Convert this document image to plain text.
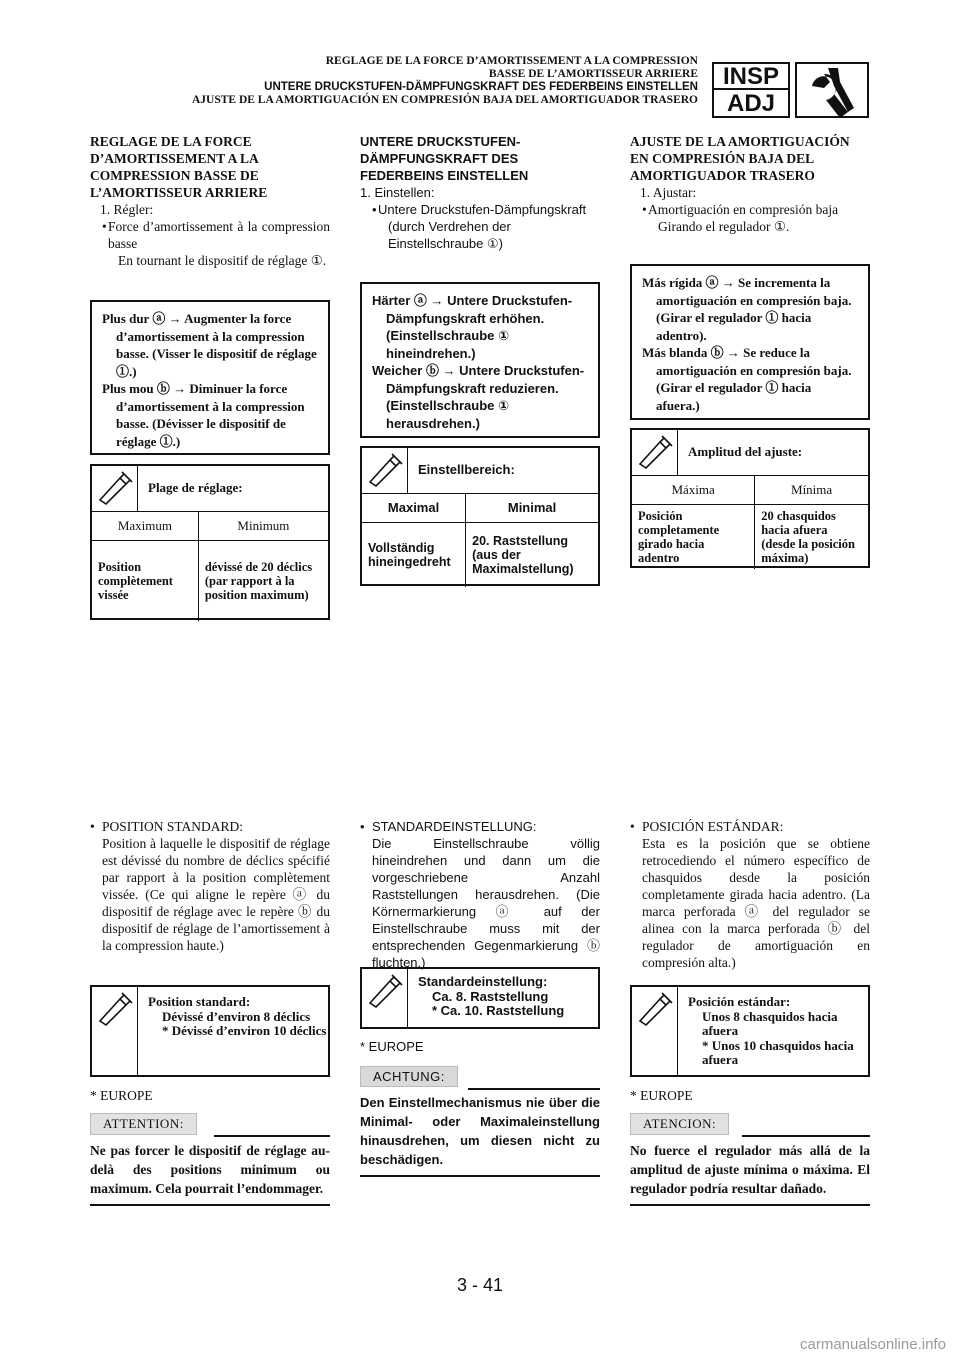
REGLAGE DE LA FORCE D’AMORTISSEMENT A LA COMPRESSION
BASSE DE L’AMORTISSEUR ARRIERE
UNTERE DRUCKSTUFEN-DÄMPFUNGSKRAFT DES FEDERBEINS EINSTELLEN
AJUSTE DE LA AMORTIGUACIÓN EN COMPRESIÓN BAJA DEL AMORTIGUADOR TRASERO
INSP
ADJ

REGLAGE DE LA FORCE

D’AMORTISSEMENT A LA

COMPRESSION BASSE DE

L’AMORTISSEUR ARRIERE

1. Régler:

• Force d’amortissement à la compression basse

En tournant le dispositif de réglage ①.

Plus dur ⓐ → Augmenter la force d’amortissement à la compression basse. (Visser le dispositif de réglage ①.)

Plus mou ⓑ → Diminuer la force d’amortissement à la compression basse. (Dévisser le dispositif de réglage ①.)

Plage de réglage:
Maximum	Minimum
Position complètement vissée	dévissé de 20 déclics (par rapport à la position maximum)

• POSITION STANDARD:

Position à laquelle le dispositif de réglage est dévissé du nombre de déclics spécifié par rapport à la position complètement vissée. (Ce qui aligne le repère ⓐ du dispositif de réglage avec le repère ⓑ du dispositif de réglage de l’amortissement à la compression haute.)

Position standard:
Dévissé d’environ 8 déclics
* Dévissé d’environ 10 déclics
* EUROPE
ATTENTION:
Ne pas forcer le dispositif de réglage au-delà des positions minimum ou maximum. Cela pourrait l’endommager.

UNTERE DRUCKSTUFEN-

DÄMPFUNGSKRAFT DES

FEDERBEINS EINSTELLEN

1. Einstellen:

• Untere Druckstufen-Dämpfungskraft

(durch Verdrehen der Einstellschraube ①)

Härter ⓐ → Untere Druckstufen-Dämpfungskraft erhöhen. (Einstellschraube ① hineindrehen.)

Weicher ⓑ → Untere Druckstufen-Dämpfungskraft reduzieren. (Einstellschraube ① herausdrehen.)

Einstellbereich:
Maximal	Minimal
Vollständig hineingedreht	20. Raststellung (aus der Maximalstellung)

• STANDARDEINSTELLUNG:

Die Einstellschraube völlig hineindrehen und dann um die vorgeschriebene Anzahl Raststellungen herausdrehen. (Die Körnermarkierung ⓐ auf der Einstellschraube muss mit der entsprechenden Gegenmarkierung ⓑ fluchten.)

Standardeinstellung:
Ca. 8. Raststellung
* Ca. 10. Raststellung
* EUROPE
ACHTUNG:
Den Einstellmechanismus nie über die Minimal- oder Maximaleinstellung hinausdrehen, um diesen nicht zu beschädigen.

AJUSTE DE LA AMORTIGUACIÓN

EN COMPRESIÓN BAJA DEL

AMORTIGUADOR TRASERO

1. Ajustar:

• Amortiguación en compresión baja

Girando el regulador ①.

Más rígida ⓐ → Se incrementa la amortiguación en compresión baja. (Girar el regulador ① hacia adentro).

Más blanda ⓑ → Se reduce la amortiguación en compresión baja. (Girar el regulador ① hacia afuera.)

Amplitud del ajuste:
Máxima	Mínima
Posición completamente girado hacia adentro	20 chasquidos hacia afuera (desde la posición máxima)

• POSICIÓN ESTÁNDAR:

Esta es la posición que se obtiene retrocediendo el número específico de chasquidos desde la posición completamente girada hacia adentro. (La marca perforada ⓐ del regulador se alinea con la marca perforada ⓑ del regulador de amortiguación en compresión alta.)

Posición estándar:
Unos 8 chasquidos hacia afuera
* Unos 10 chasquidos hacia afuera
* EUROPE
ATENCION:
No fuerce el regulador más allá de la amplitud de ajuste mínima o máxima. El regulador podría resultar dañado.
3 - 41
carmanualsonline.info
